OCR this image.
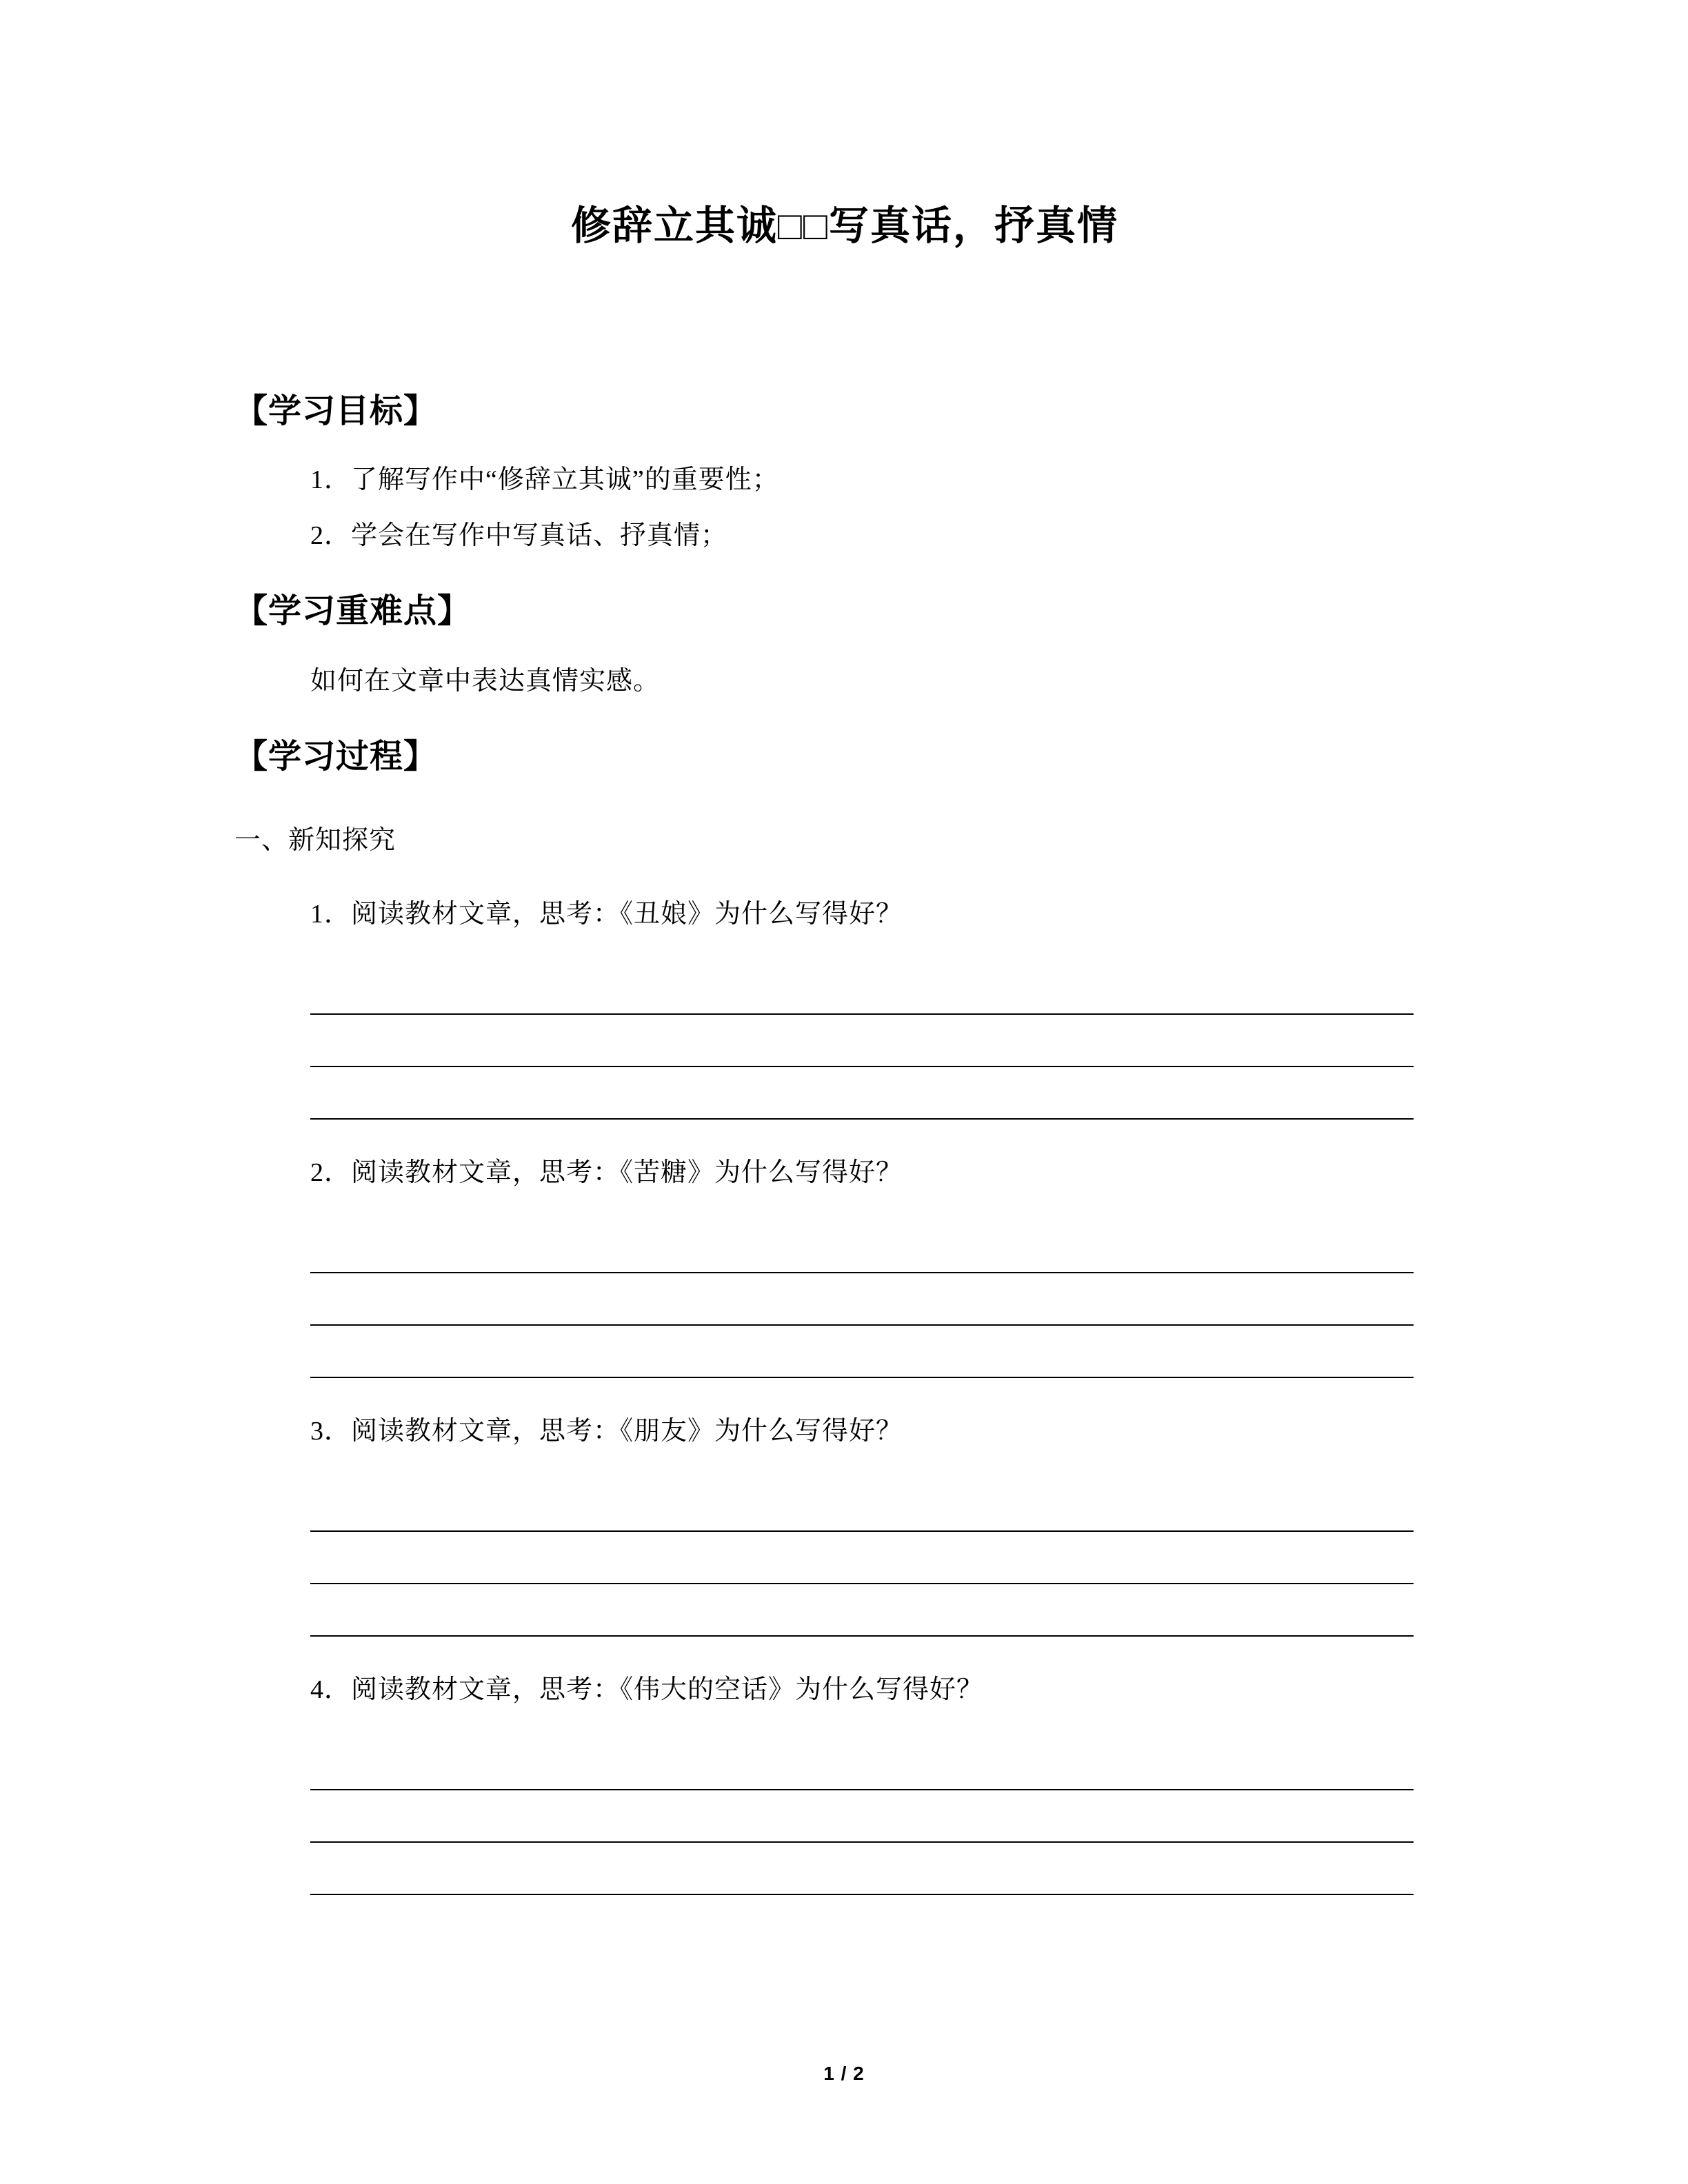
修辞立其诚□□写真话，抒真情
【学习目标】

1．了解写作中“修辞立其诚”的重要性；

2．学会在写作中写真话、抒真情；

【学习重难点】

如何在文章中表达真情实感。

【学习过程】

一、新知探究

1．阅读教材文章，思考：《丑娘》为什么写得好？

2．阅读教材文章，思考：《苦糖》为什么写得好？

3．阅读教材文章，思考：《朋友》为什么写得好？

4．阅读教材文章，思考：《伟大的空话》为什么写得好？

1 / 2
